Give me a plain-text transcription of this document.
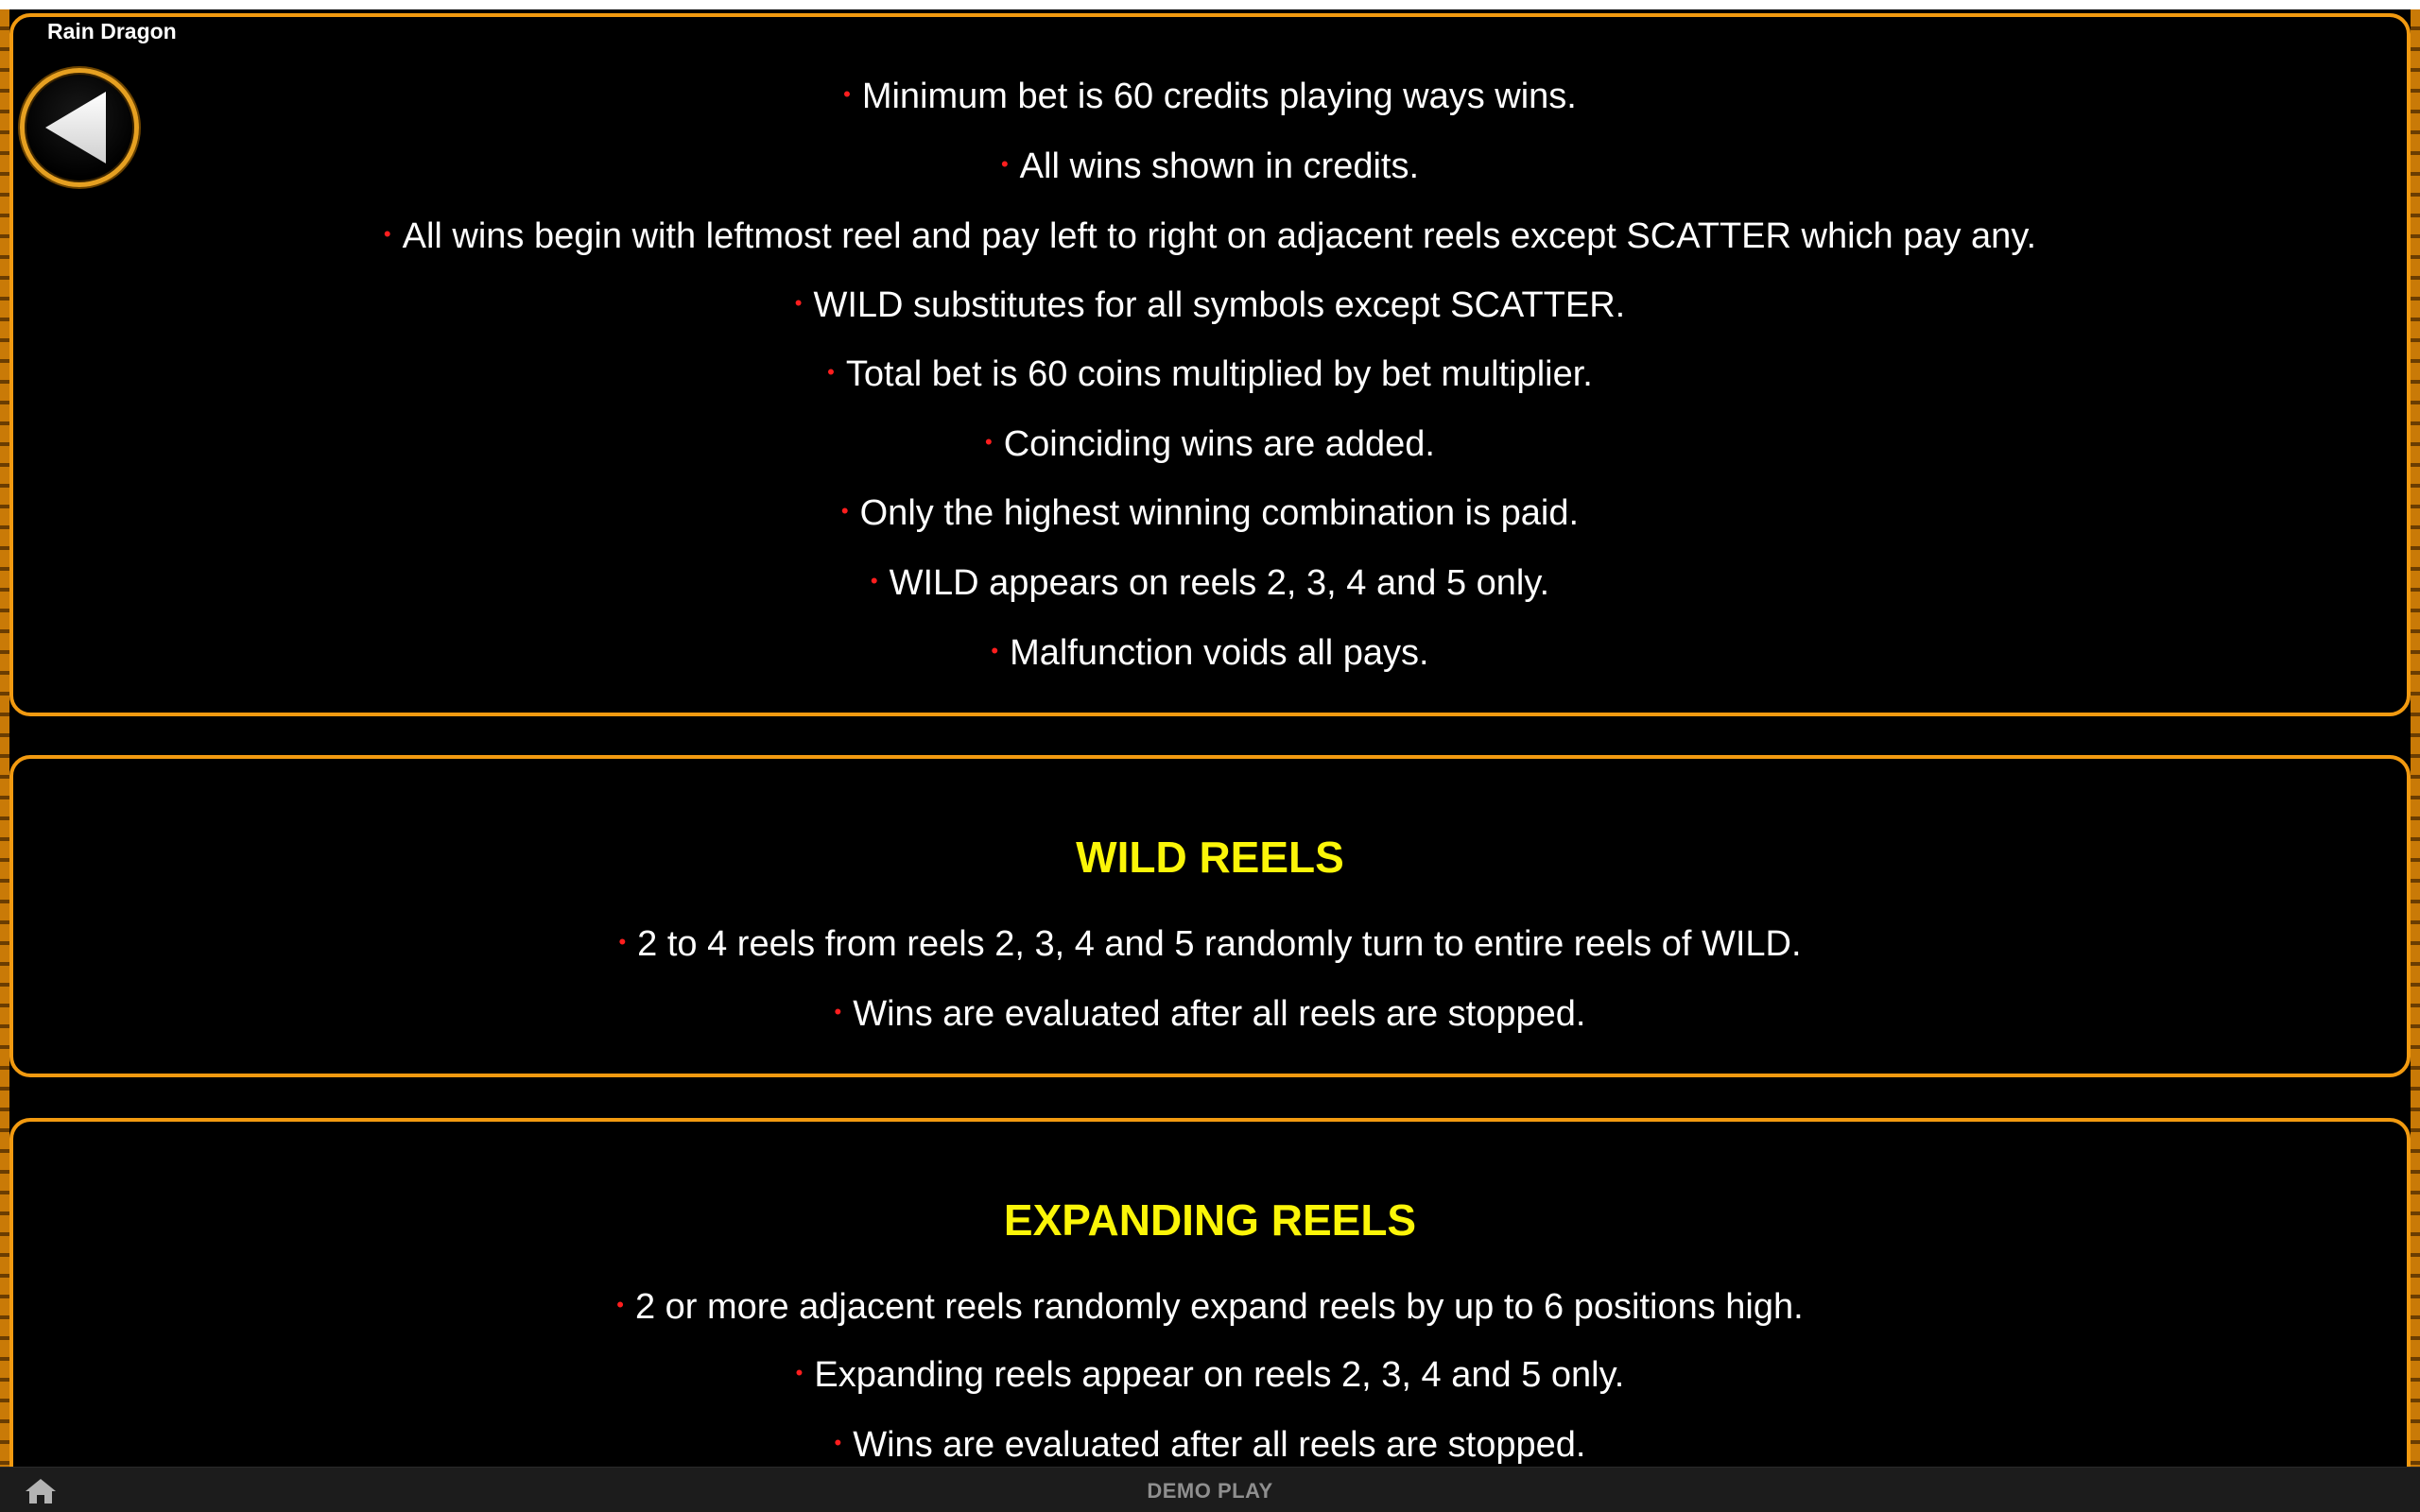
Rain Dragon
• Minimum bet is 60 credits playing ways wins.
• All wins shown in credits.
• All wins begin with leftmost reel and pay left to right on adjacent reels except SCATTER which pay any.
• WILD substitutes for all symbols except SCATTER.
• Total bet is 60 coins multiplied by bet multiplier.
• Coinciding wins are added.
• Only the highest winning combination is paid.
• WILD appears on reels 2, 3, 4 and 5 only.
• Malfunction voids all pays.
WILD REELS
• 2 to 4 reels from reels 2, 3, 4 and 5 randomly turn to entire reels of WILD.
• Wins are evaluated after all reels are stopped.
EXPANDING REELS
• 2 or more adjacent reels randomly expand reels by up to 6 positions high.
• Expanding reels appear on reels 2, 3, 4 and 5 only.
• Wins are evaluated after all reels are stopped.
DEMO PLAY
